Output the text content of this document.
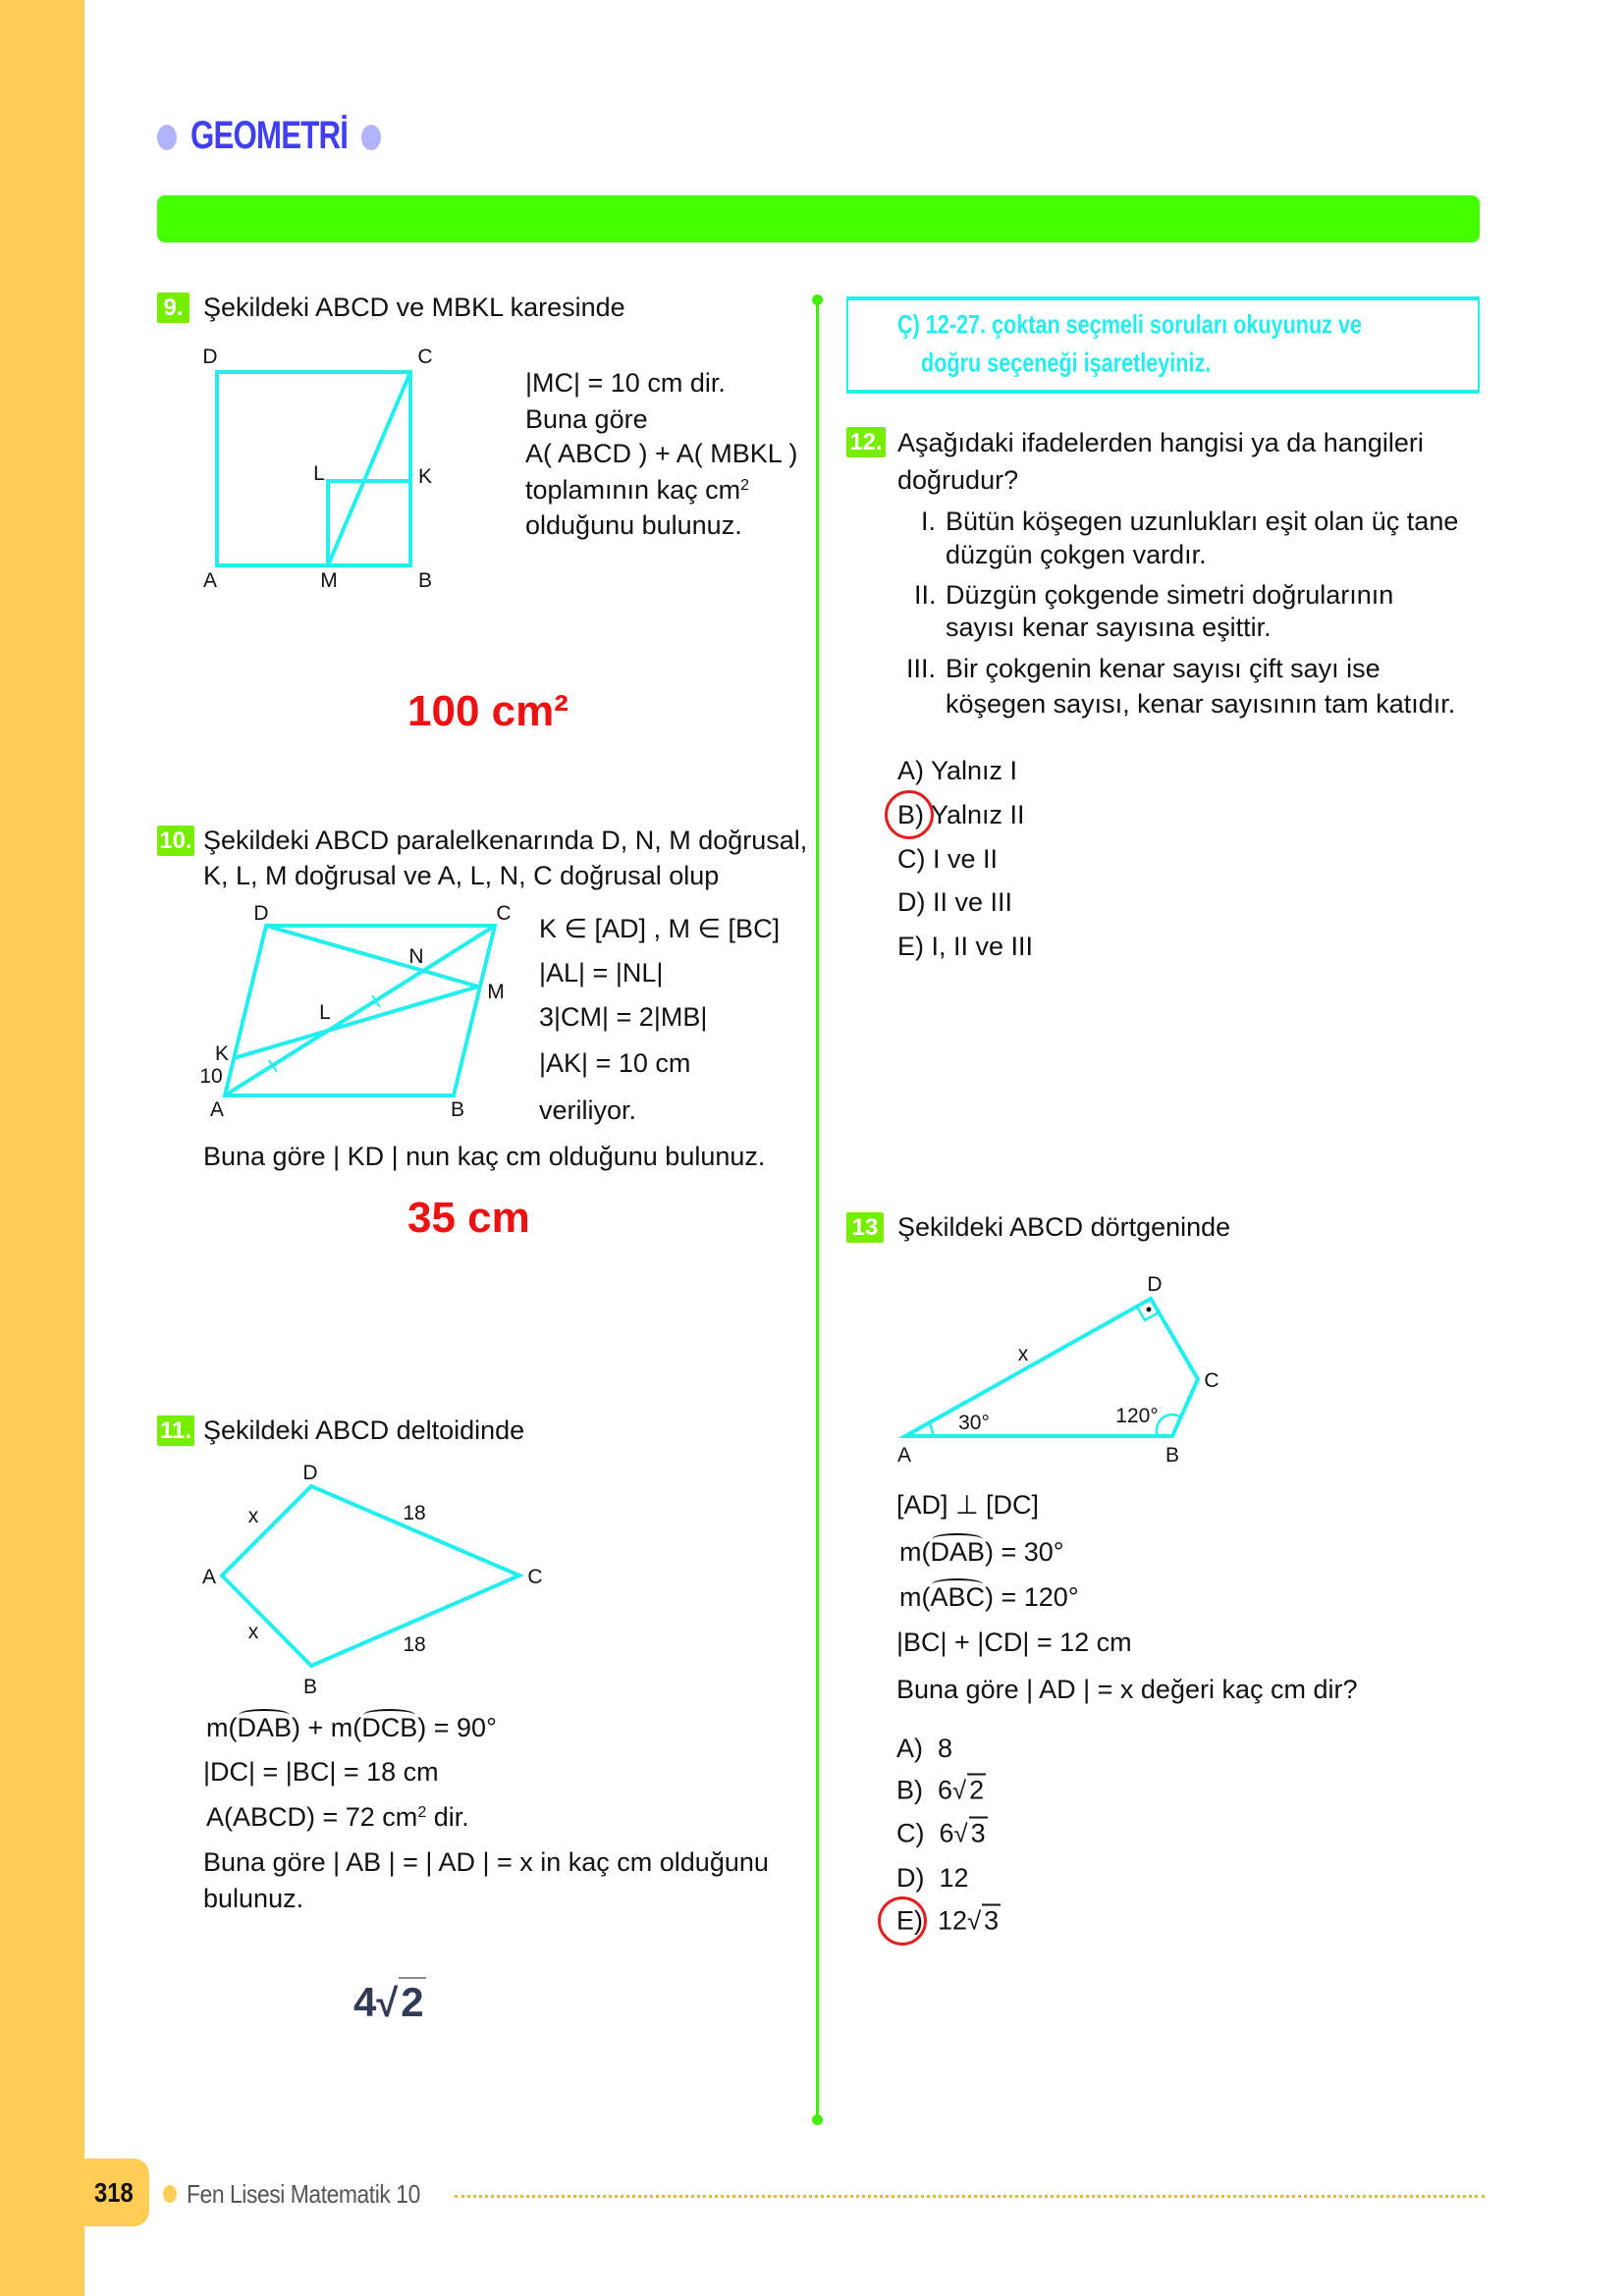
318
GEOMETRİ
D	C
L	K
A	M	B
D	C
N
M
L
K
10
A	B
D
x	18
A	C
x
18
B
D
C
B
A
x
30°	120°
9. Şekildeki ABCD ve MBKL karesinde
|MC| = 10 cm dir.
Buna göre
A( ABCD ) + A( MBKL )
toplamının kaç $cm^2$
olduğunu bulunuz.
100 cm²
10. Şekildeki ABCD paralelkenarında D, N, M doğrusal,
K, L, M doğrusal ve A, L, N, C doğrusal olup
K ∈ [AD] , M ∈ [BC]
|AL| = |NL|
3|CM| = 2|MB|
|AK| = 10 cm
veriliyor.
Buna göre | KD | nun kaç cm olduğunu bulunuz.
35 cm
11. Şekildeki ABCD deltoidinde
m(DAB) + m(DCB) = 90°
|DC| = |BC| = 18 cm
A(ABCD) = 72 $cm^2$ dir.
Buna göre | AB | = | AD | = x in kaç cm olduğunu
bulunuz.
4√2
Ç) 12-27. çoktan seçmeli soruları okuyunuz ve
doğru seçeneği işaretleyiniz.
12. Aşağıdaki ifadelerden hangisi ya da hangileri
doğrudur?
I. Bütün köşegen uzunlukları eşit olan üç tane
düzgün çokgen vardır.
II. Düzgün çokgende simetri doğrularının
sayısı kenar sayısına eşittir.
III. Bir çokgenin kenar sayısı çift sayı ise
köşegen sayısı, kenar sayısının tam katıdır.
A) Yalnız I
B) Yalnız II
C) I ve II
D) II ve III
E) I, II ve III
13 Şekildeki ABCD dörtgeninde
[AD] ⊥ [DC]
m(DAB) = 30°
m(ABC) = 120°
|BC| + |CD| = 12 cm
Buna göre | AD | = x değeri kaç cm dir?
A) 8
B) 6√ 2
C) 6√ 3
D) 12
E) 12√ 3
Fen Lisesi Matematik 10
